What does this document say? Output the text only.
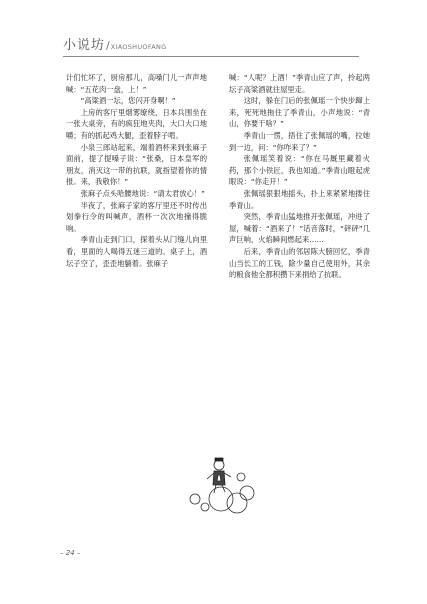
小说坊 / XIAOSHUOFANG

计们忙坏了，厨房那儿，高嗓门儿一声声地喊：“五花肉一盘，上！”

“高粱酒一坛，您闪开身啊！”

上房的客厅里烟雾缭绕，日本兵围坐在一张大桌旁，有的疯狂地夹肉，大口大口地嚼；有的抓起鸡大腿，歪着脖子啃。

小泉三郎站起来，端着酒杯来到张麻子面前，提了提嗓子说：“张桑，日本皇军的朋友，消灭这一带的抗联，就指望着你的情报。来，我敬你！”

张麻子点头哈腰地说：“请太君放心！”

半夜了，张麻子家的客厅里还不时传出划拳行令的叫喊声，酒杯一次次地撞得脆响。

季青山走到门口，探着头从门缝儿向里看，里面的人喝得五迷三道的。桌子上，酒坛子空了，歪歪地躺着。张麻子

喊：“人呢？上酒！”季青山应了声，拎起两坛子高粱酒就往屋里走。

这时，躲在门后的张佩瑶一个快步蹿上来，死死地拖住了季青山，小声地说：“青山，你要干啥？”

季青山一愣，捂住了张佩瑶的嘴，拉她到一边，问：“你咋来了？”

张佩瑶笑着说：“你在马厩里藏着火药，那个小铁匠，我也知道。”季青山瞪起虎眼说：“你走开！”

张佩瑶狠狠地摇头，扑上来紧紧地搂住季青山。

突然，季青山猛地推开张佩瑶，冲进了屋，喊着：“酒来了！”话音落时，“砰砰”几声巨响，火焰瞬间燃起来……

后来，季青山的邻居陈大膀回忆，季青山当长工的工钱，除少量自己使用外，其余的粮食他全都积攒下来捐给了抗联。

– 24 –
